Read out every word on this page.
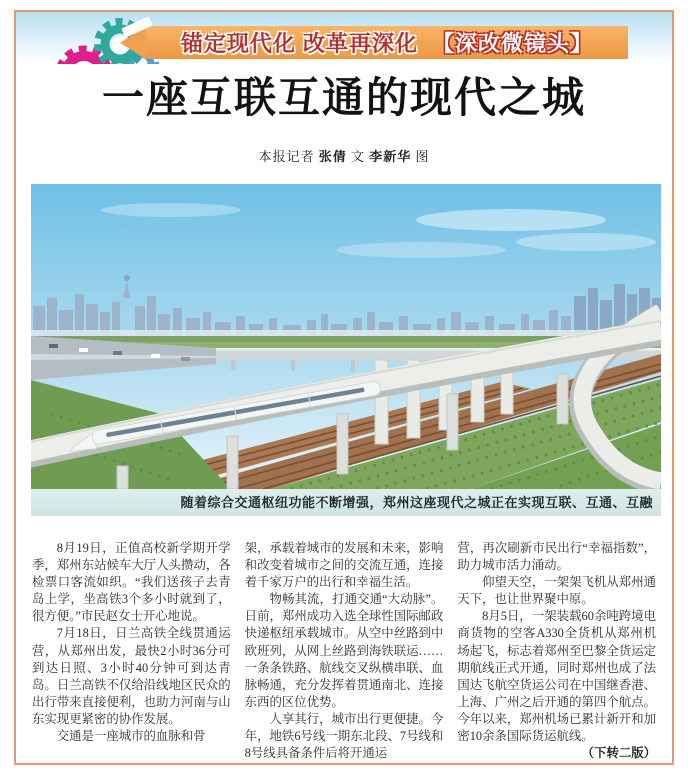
锚定现代化 改革再深化 【深改微镜头】
一座互联互通的现代之城
本报记者 张倩 文 李新华 图
随着综合交通枢纽功能不断增强，郑州这座现代之城正在实现互联、互通、互融

8月19日，正值高校新学期开学季，郑州东站候车大厅人头攒动，各检票口客流如织。“我们送孩子去青岛上学，坐高铁3个多小时就到了，很方便。”市民赵女士开心地说。

7月18日，日兰高铁全线贯通运营，从郑州出发，最快2小时36分可到达日照、3小时40分钟可到达青岛。日兰高铁不仅给沿线地区民众的出行带来直接便利，也助力河南与山东实现更紧密的协作发展。

交通是一座城市的血脉和骨

架，承载着城市的发展和未来，影响和改变着城市之间的交流互通，连接着千家万户的出行和幸福生活。

物畅其流，打通交通“大动脉”。日前，郑州成功入选全球性国际邮政快递枢纽承载城市。从空中丝路到中欧班列，从网上丝路到海铁联运……一条条铁路、航线交叉纵横串联、血脉畅通，充分发挥着贯通南北、连接东西的区位优势。

人享其行，城市出行更便捷。今年，地铁6号线一期东北段、7号线和8号线具备条件后将开通运

营，再次刷新市民出行“幸福指数”，助力城市活力涌动。

仰望天空，一架架飞机从郑州通天下，也让世界聚中原。

8月5日，一架装载60余吨跨境电商货物的空客A330全货机从郑州机场起飞，标志着郑州至巴黎全货运定期航线正式开通，同时郑州也成了法国达飞航空货运公司在中国继香港、上海、广州之后开通的第四个航点。今年以来，郑州机场已累计新开和加密10余条国际货运航线。
（下转二版）
